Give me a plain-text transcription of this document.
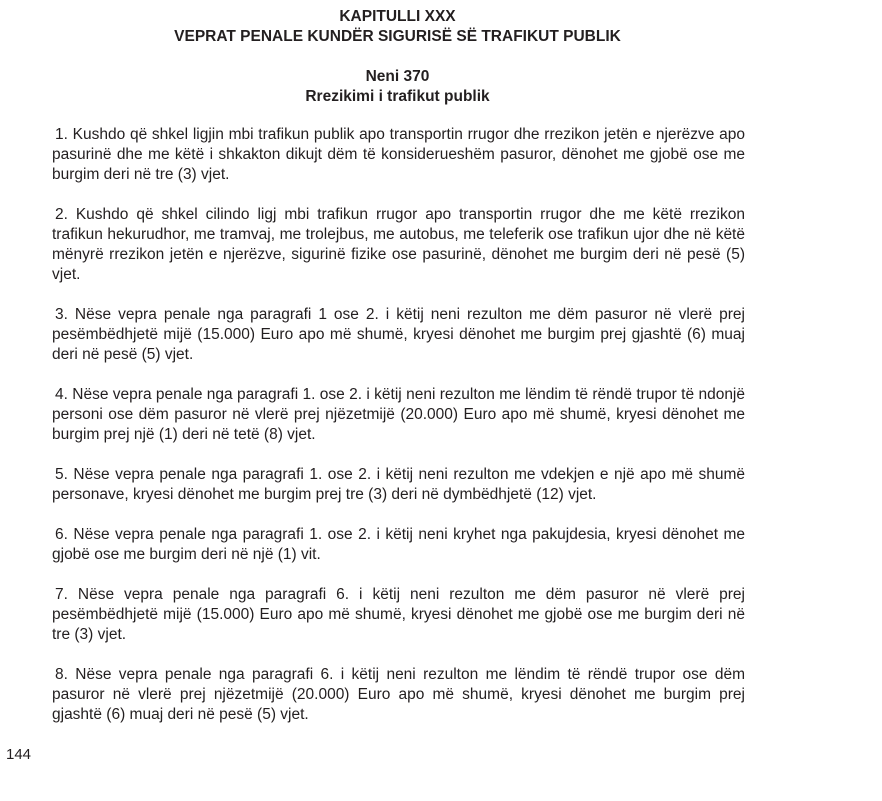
KAPITULLI XXX
VEPRAT PENALE KUNDËR SIGURISË SË TRAFIKUT PUBLIK
Neni 370
Rrezikimi i trafikut publik

1. Kushdo që shkel ligjin mbi trafikun publik apo transportin rrugor dhe rrezikon jetën e njerëzve apo pasurinë dhe me këtë i shkakton dikujt dëm të konsiderueshëm pasuror, dënohet me gjobë ose me burgim deri në tre (3) vjet.

2. Kushdo që shkel cilindo ligj mbi trafikun rrugor apo transportin rrugor dhe me këtë rrezikon trafikun hekurudhor, me tramvaj, me trolejbus, me autobus, me teleferik ose trafikun ujor dhe në këtë mënyrë rrezikon jetën e njerëzve, sigurinë fizike ose pasurinë, dënohet me burgim deri në pesë (5) vjet.

3. Nëse vepra penale nga paragrafi 1 ose 2. i këtij neni rezulton me dëm pasuror në vlerë prej pesëmbëdhjetë mijë (15.000) Euro apo më shumë, kryesi dënohet me burgim prej gjashtë (6) muaj deri në pesë (5) vjet.

4. Nëse vepra penale nga paragrafi 1. ose 2. i këtij neni rezulton me lëndim të rëndë trupor të ndonjë personi ose dëm pasuror në vlerë prej njëzetmijë (20.000) Euro apo më shumë, kryesi dënohet me burgim prej një (1) deri në tetë (8) vjet.

5. Nëse vepra penale nga paragrafi 1. ose 2. i këtij neni rezulton me vdekjen e një apo më shumë personave, kryesi dënohet me burgim prej tre (3) deri në dymbëdhjetë (12) vjet.

6. Nëse vepra penale nga paragrafi 1. ose 2. i këtij neni kryhet nga pakujdesia, kryesi dënohet me gjobë ose me burgim deri në një (1) vit.

7. Nëse vepra penale nga paragrafi 6. i këtij neni rezulton me dëm pasuror në vlerë prej pesëmbëdhjetë mijë (15.000) Euro apo më shumë, kryesi dënohet me gjobë ose me burgim deri në tre (3) vjet.

8. Nëse vepra penale nga paragrafi 6. i këtij neni rezulton me lëndim të rëndë trupor ose dëm pasuror në vlerë prej njëzetmijë (20.000) Euro apo më shumë, kryesi dënohet me burgim prej gjashtë (6) muaj deri në pesë (5) vjet.

144
